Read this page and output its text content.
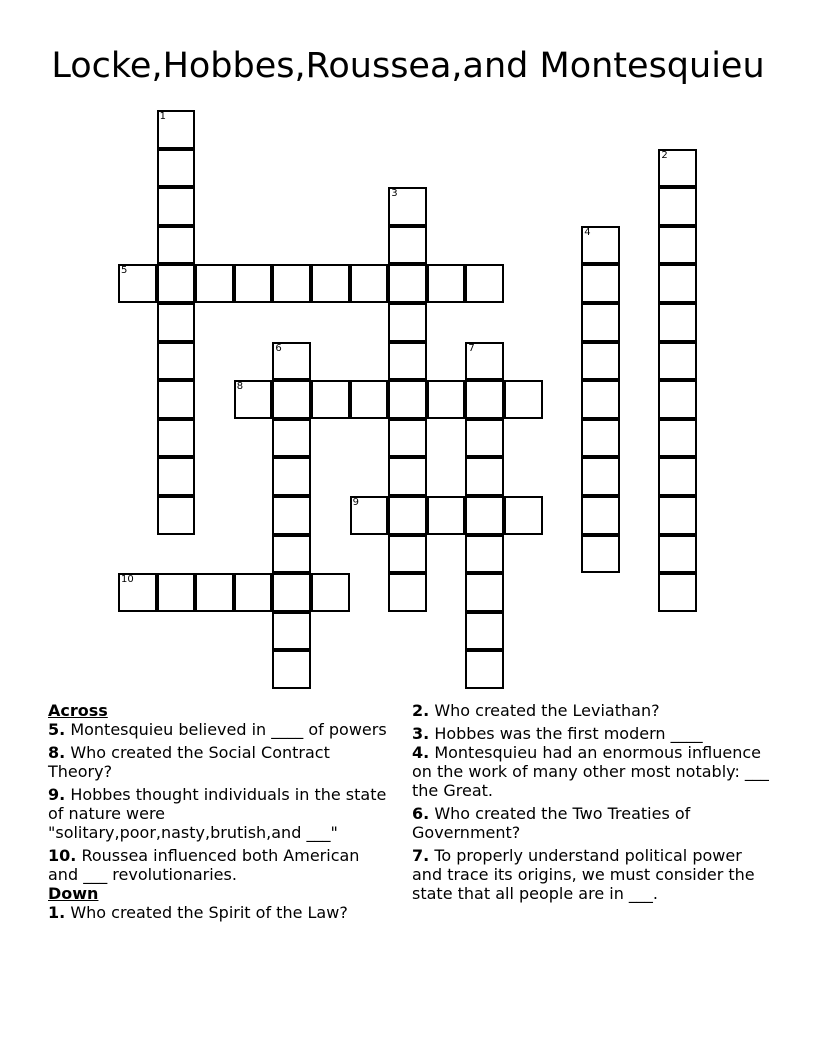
Locke,Hobbes,Roussea,and Montesquieu
1
2
3
4
5
6	7
8
9
10

Across

5. Montesquieu believed in ____ of powers

8. Who created the Social Contract Theory?

9. Hobbes thought individuals in the state of nature were "solitary,poor,nasty,brutish,and ___"

10. Roussea influenced both American and ___ revolutionaries.

Down

1. Who created the Spirit of the Law?

2. Who created the Leviathan?

3. Hobbes was the first modern ____

4. Montesquieu had an enormous influence on the work of many other most notably: ___ the Great.

6. Who created the Two Treaties of Government?

7. To properly understand political power and trace its origins, we must consider the state that all people are in ___.
